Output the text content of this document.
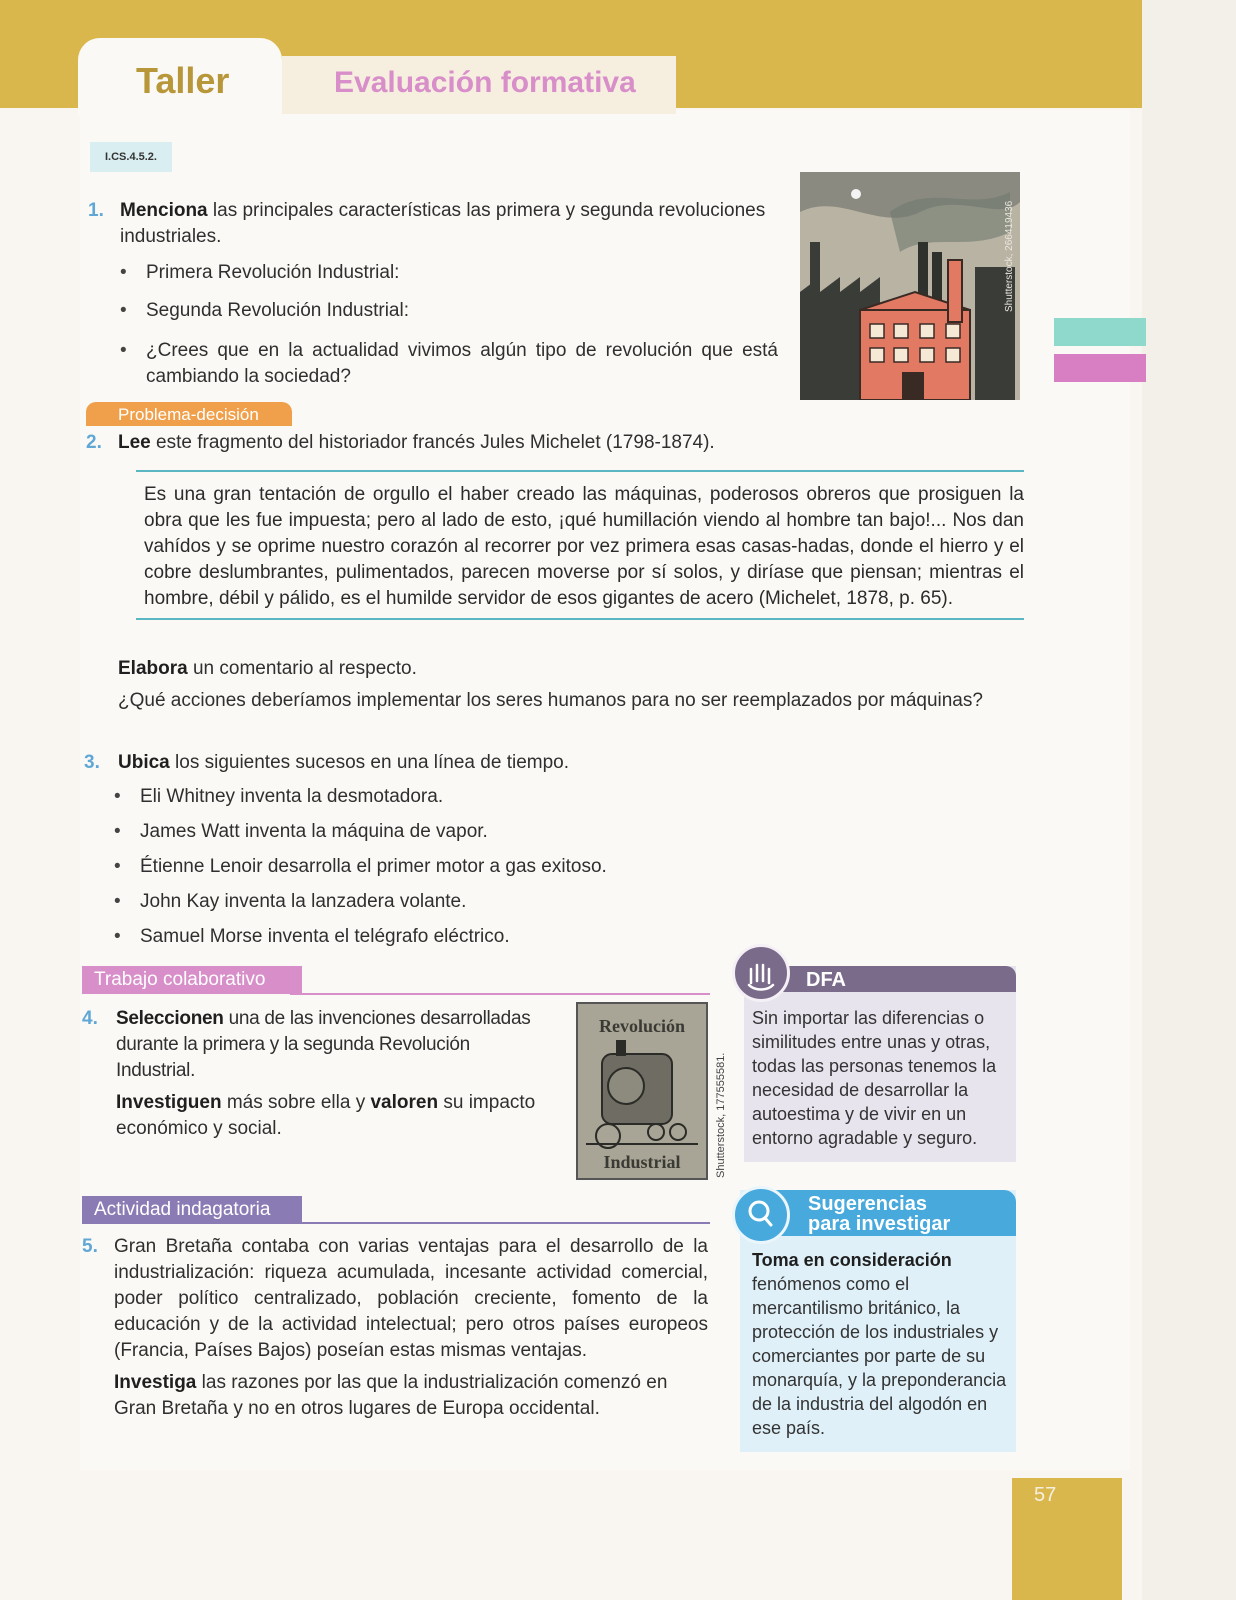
Taller	Evaluación formativa
I.CS.4.5.2.
1. Menciona las principales características las primera y segunda revoluciones industriales.
• Primera Revolución Industrial:
• Segunda Revolución Industrial:
• ¿Crees que en la actualidad vivimos algún tipo de revolución que está cambiando la sociedad?
Shutterstock, 266419436
Problema-decisión
2. Lee este fragmento del historiador francés Jules Michelet (1798-1874).
Es una gran tentación de orgullo el haber creado las máquinas, poderosos obreros que prosiguen la obra que les fue impuesta; pero al lado de esto, ¡qué humillación viendo al hombre tan bajo!... Nos dan vahídos y se oprime nuestro corazón al recorrer por vez primera esas casas-hadas, donde el hierro y el cobre deslumbrantes, pulimentados, parecen moverse por sí solos, y diríase que piensan; mientras el hombre, débil y pálido, es el humilde servidor de esos gigantes de acero (Michelet, 1878, p. 65).
Elabora un comentario al respecto.
¿Qué acciones deberíamos implementar los seres humanos para no ser reemplazados por máquinas?
3. Ubica los siguientes sucesos en una línea de tiempo.
• Eli Whitney inventa la desmotadora.
• James Watt inventa la máquina de vapor.
• Étienne Lenoir desarrolla el primer motor a gas exitoso.
• John Kay inventa la lanzadera volante.
• Samuel Morse inventa el telégrafo eléctrico.
Trabajo colaborativo
4. Seleccionen una de las invenciones desarrolladas durante la primera y la segunda Revolución Industrial.
Investiguen más sobre ella y valoren su impacto económico y social.
Revolución
Industrial	Shutterstock, 177555581.
Actividad indagatoria
5. Gran Bretaña contaba con varias ventajas para el desarrollo de la industrialización: riqueza acumulada, incesante actividad comercial, poder político centralizado, población creciente, fomento de la educación y de la actividad intelectual; pero otros países europeos (Francia, Países Bajos) poseían estas mismas ventajas.
Investiga las razones por las que la industrialización comenzó en Gran Bretaña y no en otros lugares de Europa occidental.
DFA
Sin importar las diferencias o similitudes entre unas y otras, todas las personas tenemos la necesidad de desarrollar la autoestima y de vivir en un entorno agradable y seguro.
Sugerencias
para investigar
Toma en consideración fenómenos como el mercantilismo británico, la protección de los industriales y comerciantes por parte de su monarquía, y la preponderancia de la industria del algodón en ese país.
57
